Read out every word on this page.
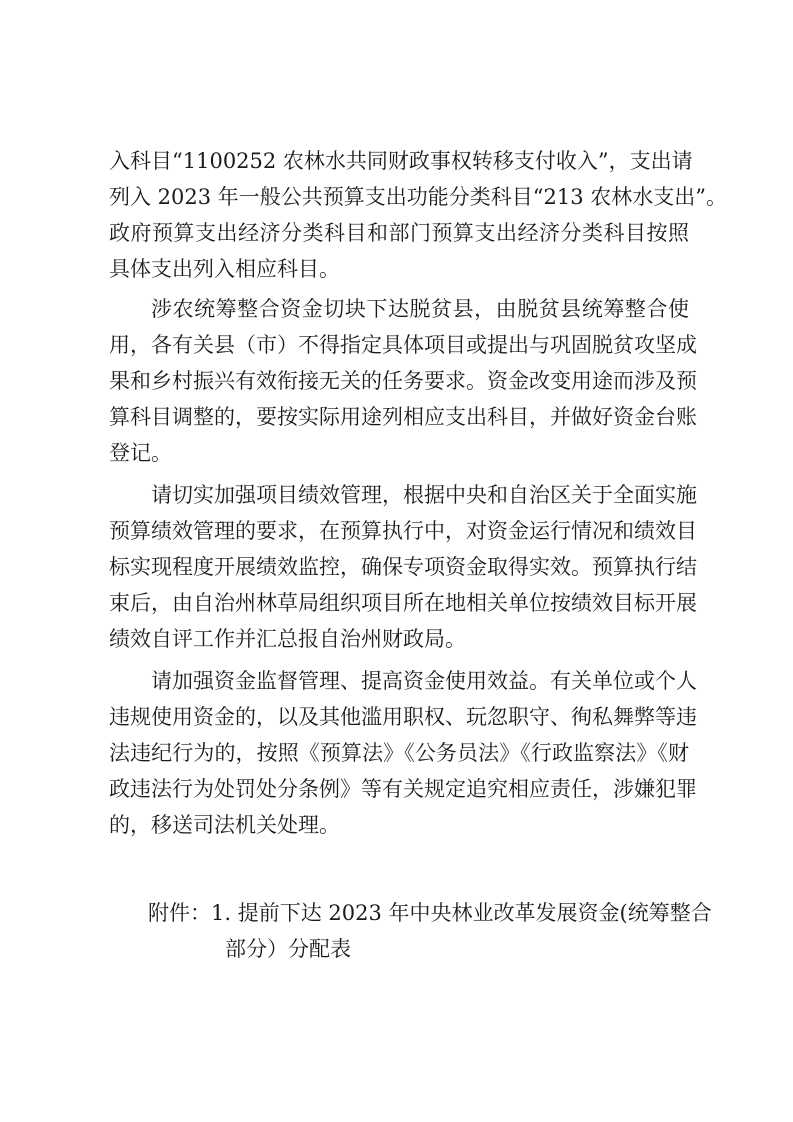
入科目“1100252 农林水共同财政事权转移支付收入”，支出请
列入 2023 年一般公共预算支出功能分类科目“213 农林水支出”。
政府预算支出经济分类科目和部门预算支出经济分类科目按照
具体支出列入相应科目。
涉农统筹整合资金切块下达脱贫县，由脱贫县统筹整合使
用，各有关县（市）不得指定具体项目或提出与巩固脱贫攻坚成
果和乡村振兴有效衔接无关的任务要求。资金改变用途而涉及预
算科目调整的，要按实际用途列相应支出科目，并做好资金台账
登记。
请切实加强项目绩效管理，根据中央和自治区关于全面实施
预算绩效管理的要求，在预算执行中，对资金运行情况和绩效目
标实现程度开展绩效监控，确保专项资金取得实效。预算执行结
束后，由自治州林草局组织项目所在地相关单位按绩效目标开展
绩效自评工作并汇总报自治州财政局。
请加强资金监督管理、提高资金使用效益。有关单位或个人
违规使用资金的，以及其他滥用职权、玩忽职守、徇私舞弊等违
法违纪行为的，按照《预算法》《公务员法》《行政监察法》《财
政违法行为处罚处分条例》等有关规定追究相应责任，涉嫌犯罪
的，移送司法机关处理。
附件： 1. 提前下达 2023 年中央林业改革发展资金(统筹整合
部分）分配表
